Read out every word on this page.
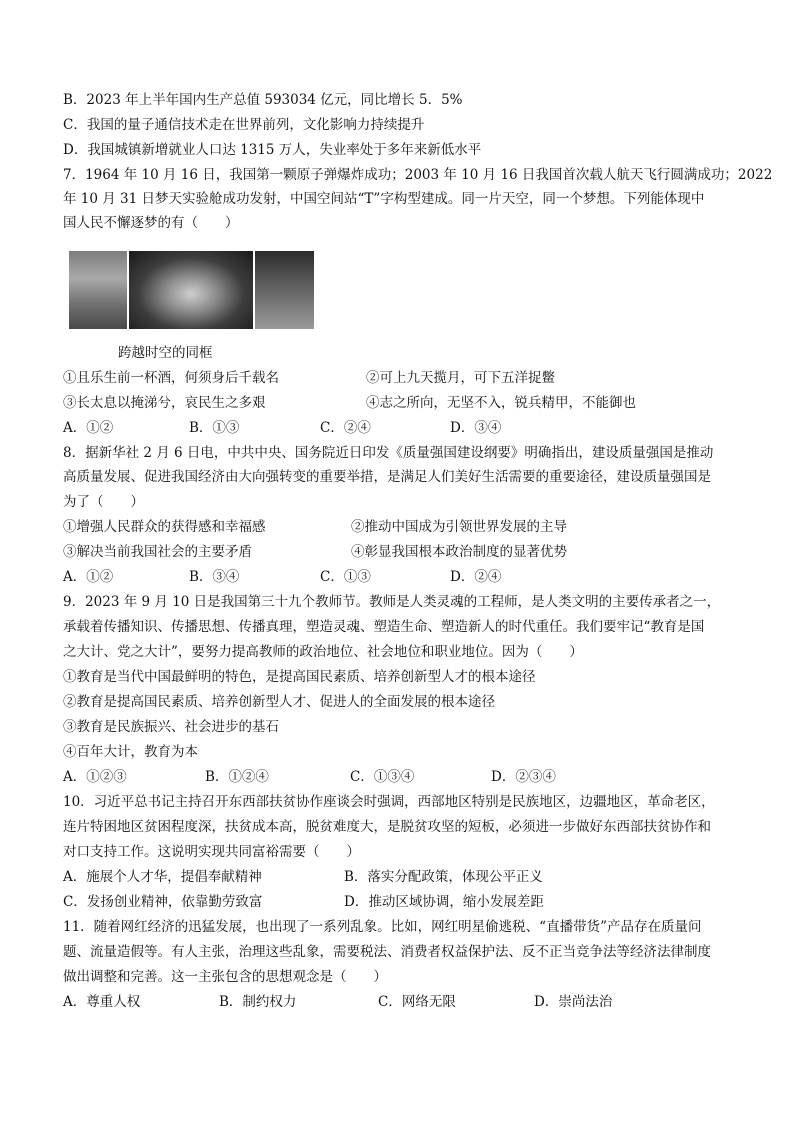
B．2023 年上半年国内生产总值 593034 亿元，同比增长 5．5%
C．我国的量子通信技术走在世界前列，文化影响力持续提升
D．我国城镇新增就业人口达 1315 万人，失业率处于多年来新低水平
7．1964 年 10 月 16 日，我国第一颗原子弹爆炸成功；2003 年 10 月 16 日我国首次载人航天飞行圆满成功；2022
年 10 月 31 日梦天实验舱成功发射，中国空间站“T”字构型建成。同一片天空，同一个梦想。下列能体现中
国人民不懈逐梦的有（　　）
跨越时空的同框
①且乐生前一杯酒，何须身后千载名	②可上九天揽月，可下五洋捉鳖
③长太息以掩涕兮，哀民生之多艰	④志之所向，无坚不入，锐兵精甲，不能御也
A．①②	B．①③	C．②④	D．③④
8．据新华社 2 月 6 日电，中共中央、国务院近日印发《质量强国建设纲要》明确指出，建设质量强国是推动
高质量发展、促进我国经济由大向强转变的重要举措，是满足人们美好生活需要的重要途径，建设质量强国是
为了（　　）
①增强人民群众的获得感和幸福感	②推动中国成为引领世界发展的主导
③解决当前我国社会的主要矛盾	④彰显我国根本政治制度的显著优势
A．①②	B．③④	C．①③	D．②④
9．2023 年 9 月 10 日是我国第三十九个教师节。教师是人类灵魂的工程师，是人类文明的主要传承者之一，
承载着传播知识、传播思想、传播真理，塑造灵魂、塑造生命、塑造新人的时代重任。我们要牢记“教育是国
之大计、党之大计”，要努力提高教师的政治地位、社会地位和职业地位。因为（　　）
①教育是当代中国最鲜明的特色，是提高国民素质、培养创新型人才的根本途径
②教育是提高国民素质、培养创新型人才、促进人的全面发展的根本途径
③教育是民族振兴、社会进步的基石
④百年大计，教育为本
A．①②③	B．①②④	C．①③④	D．②③④
10．习近平总书记主持召开东西部扶贫协作座谈会时强调，西部地区特别是民族地区，边疆地区，革命老区，
连片特困地区贫困程度深，扶贫成本高，脱贫难度大，是脱贫攻坚的短板，必须进一步做好东西部扶贫协作和
对口支持工作。这说明实现共同富裕需要（　　）
A．施展个人才华，提倡奉献精神	B．落实分配政策，体现公平正义
C．发扬创业精神，依靠勤劳致富	D．推动区域协调，缩小发展差距
11．随着网红经济的迅猛发展，也出现了一系列乱象。比如，网红明星偷逃税、“直播带货”产品存在质量问
题、流量造假等。有人主张，治理这些乱象，需要税法、消费者权益保护法、反不正当竞争法等经济法律制度
做出调整和完善。这一主张包含的思想观念是（　　）
A．尊重人权	B．制约权力	C．网络无限	D．崇尚法治
